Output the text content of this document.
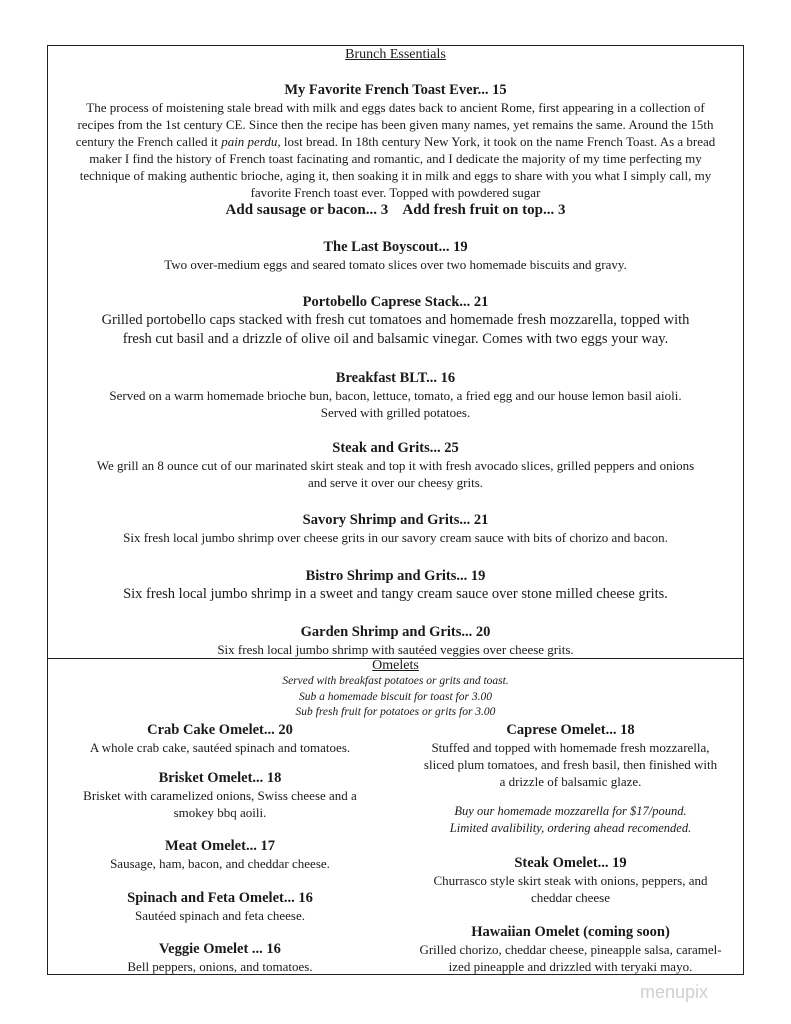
Brunch Essentials
Omelets
Served with breakfast potatoes or grits and toast.
Sub a homemade biscuit for toast for 3.00
Sub fresh fruit for potatoes or grits for 3.00
My Favorite French Toast Ever... 15
The process of moistening stale bread with milk and eggs dates back to ancient Rome, first appearing in a collection of
recipes from the 1st century CE. Since then the recipe has been given many names, yet remains the same. Around the 15th
century the French called it pain perdu, lost bread. In 18th century New York, it took on the name French Toast. As a bread
maker I find the history of French toast facinating and romantic, and I dedicate the majority of my time perfecting my
technique of making authentic brioche, aging it, then soaking it in milk and eggs to share with you what I simply call, my
favorite French toast ever. Topped with powdered sugar
Add sausage or bacon... 3    Add fresh fruit on top... 3
The Last Boyscout... 19
Two over-medium eggs and seared tomato slices over two homemade biscuits and gravy.
Portobello Caprese Stack... 21
Grilled portobello caps stacked with fresh cut tomatoes and homemade fresh mozzarella, topped with
fresh cut basil and a drizzle of olive oil and balsamic vinegar. Comes with two eggs your way.
Breakfast BLT... 16
Served on a warm homemade brioche bun, bacon, lettuce, tomato, a fried egg and our house lemon basil aioli.
Served with grilled potatoes.
Steak and Grits... 25
We grill an 8 ounce cut of our marinated skirt steak and top it with fresh avocado slices, grilled peppers and onions
and serve it over our cheesy grits.
Savory Shrimp and Grits... 21
Six fresh local jumbo shrimp over cheese grits in our savory cream sauce with bits of chorizo and bacon.
Bistro Shrimp and Grits... 19
Six fresh local jumbo shrimp in a sweet and tangy cream sauce over stone milled cheese grits.
Garden Shrimp and Grits... 20
Six fresh local jumbo shrimp with sautéed veggies over cheese grits.
Crab Cake Omelet... 20
A whole crab cake, sautéed spinach and tomatoes.
Brisket Omelet... 18
Brisket with caramelized onions, Swiss cheese and a
smokey bbq aoili.
Meat Omelet... 17
Sausage, ham, bacon, and cheddar cheese.
Spinach and Feta Omelet... 16
Sautéed spinach and feta cheese.
Veggie Omelet ... 16
Bell peppers, onions, and tomatoes.
Caprese Omelet... 18
Stuffed and topped with homemade fresh mozzarella,
sliced plum tomatoes, and fresh basil, then finished with
a drizzle of balsamic glaze.
Buy our homemade mozzarella for $17/pound.
Limited avalibility, ordering ahead recomended.
Steak Omelet... 19
Churrasco style skirt steak with onions, peppers, and
cheddar cheese
Hawaiian Omelet (coming soon)
Grilled chorizo, cheddar cheese, pineapple salsa, caramel-
ized pineapple and drizzled with teryaki mayo.
menupix
